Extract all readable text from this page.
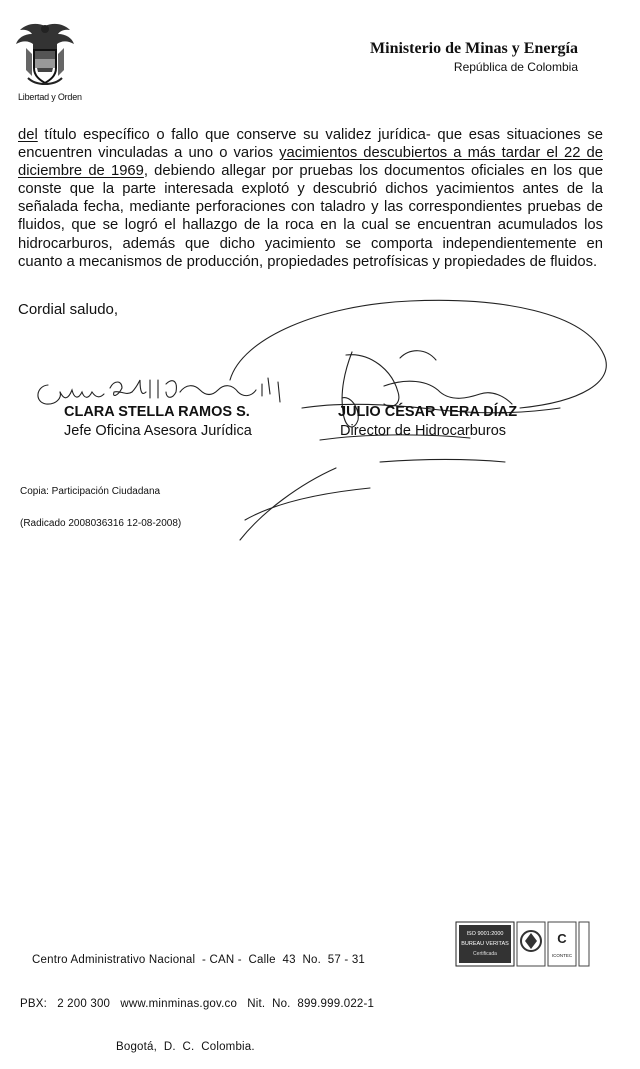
Libertad y Orden
Ministerio de Minas y Energía
República de Colombia

del título específico o fallo que conserve su validez jurídica- que esas situaciones se encuentren vinculadas a uno o varios yacimientos descubiertos a más tardar el 22 de diciembre de 1969, debiendo allegar por pruebas los documentos oficiales en los que conste que la parte interesada explotó y descubrió dichos yacimientos antes de la señalada fecha, mediante perforaciones con taladro y las correspondientes pruebas de fluidos, que se logró el hallazgo de la roca en la cual se encuentran acumulados los hidrocarburos, además que dicho yacimiento se comporta independientemente en cuanto a mecanismos de producción, propiedades petrofísicas y propiedades de fluidos.

Cordial saludo,
CLARA STELLA RAMOS S.
Jefe Oficina Asesora Jurídica
JULIO CÉSAR VERA DÍAZ
Director de Hidrocarburos
Copia: Participación Ciudadana
(Radicado 2008036316 12-08-2008)

Centro Administrativo Nacional  - CAN -  Calle  43  No.  57 - 31

PBX:   2 200 300   www.minminas.gov.co   Nit.  No.  899.999.022-1

Bogotá,  D.  C.  Colombia.

ISO 9001:2000
BUREAU VERITAS
Certificada
C
ICONTEC
